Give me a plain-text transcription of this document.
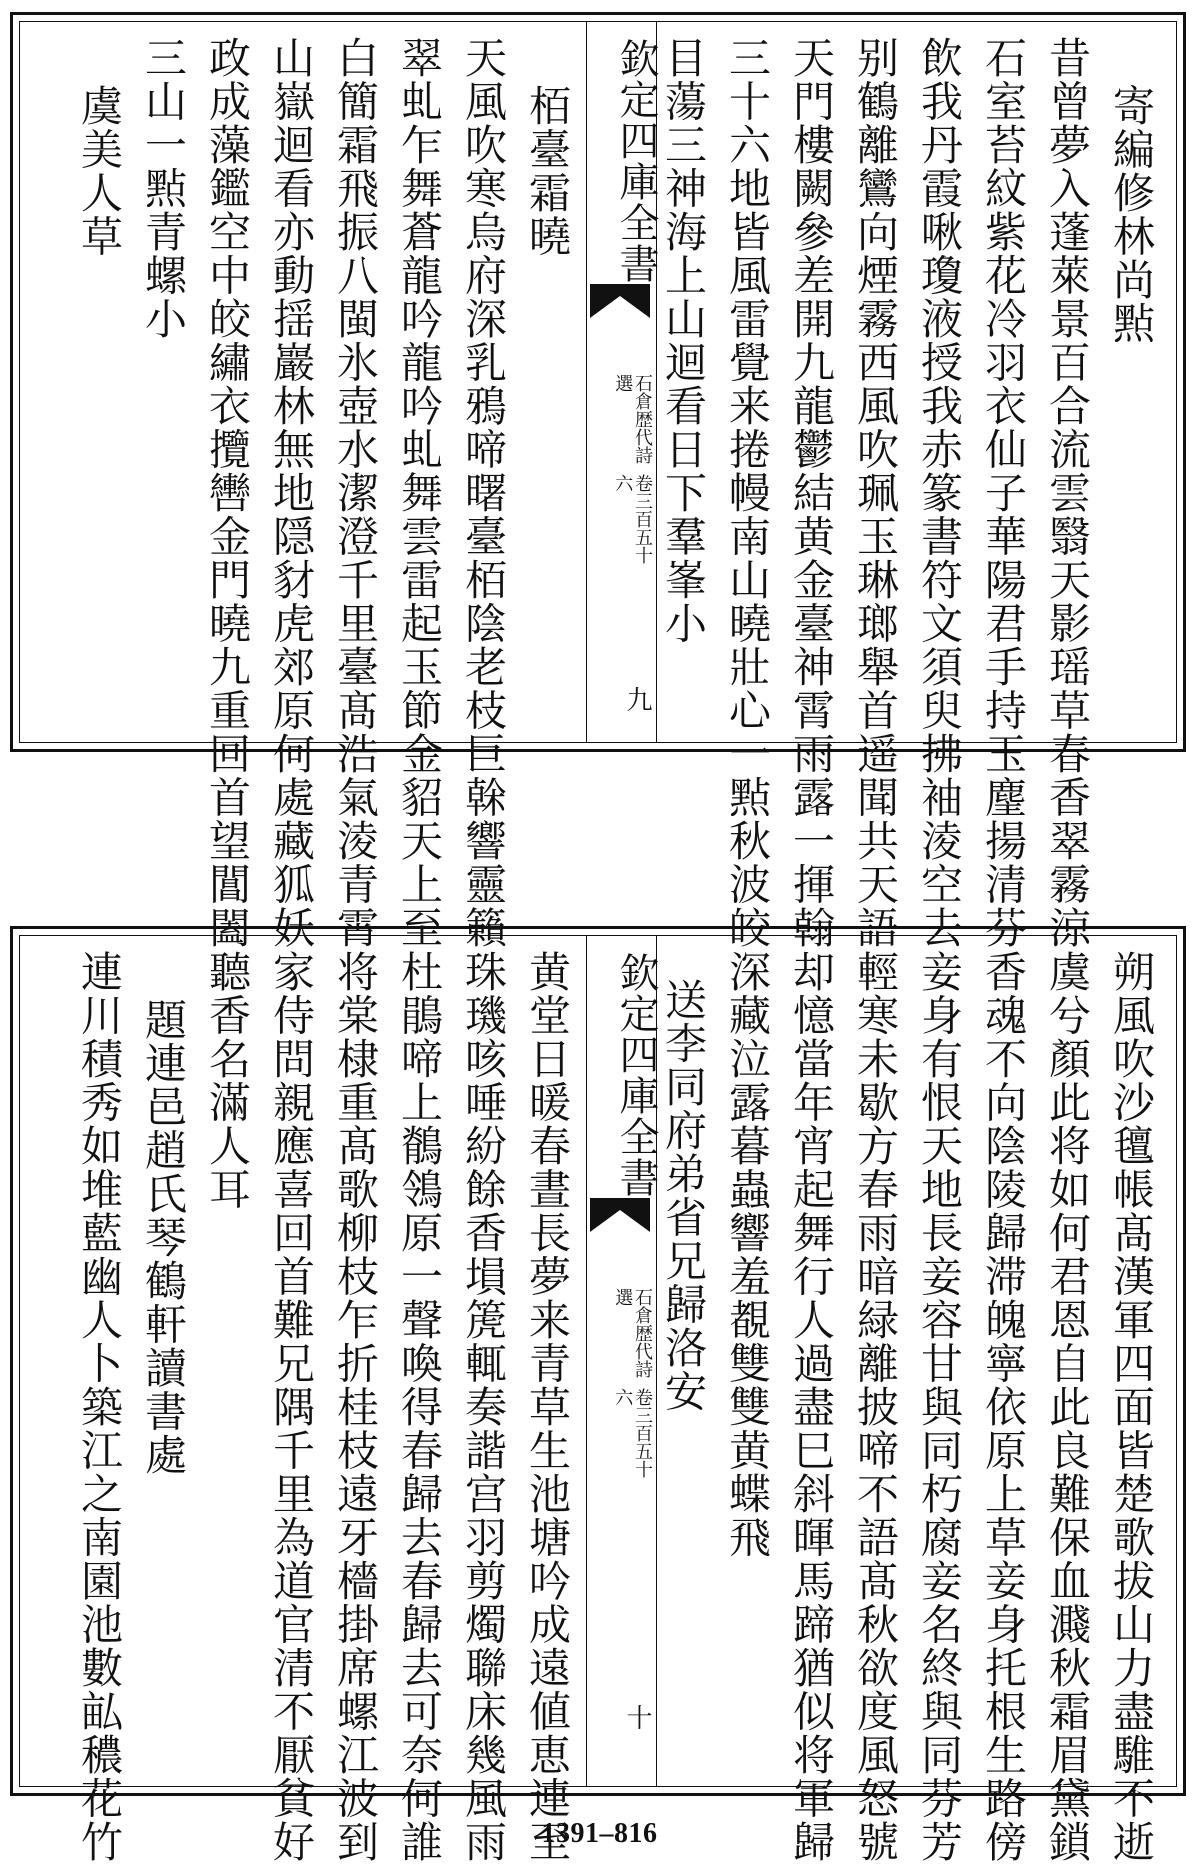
寄編修林尚㸃
昔曾夢入蓬萊景百合流雲翳天影瑶草春香翠霧涼
石室苔紋紫花冷羽衣仙子華陽君手持玉麈揚清芬
飲我丹霞啾瓊液授我赤篆書符文須臾拂袖淩空去
别鶴離鸞向煙霧西風吹珮玉琳瑯舉首遥聞共天語
天門樓闕參差開九龍鬱結黄金臺神霄雨露一揮翰
三十六地皆風雷覺来捲幔南山曉壯心一㸃秋波皎
目蕩三神海上山迴看日下羣峯小
欽定四庫全書
石倉歴代詩選
卷三百五十六
九
栢臺霜曉
天風吹寒烏府深乳鴉啼曙臺栢陰老枝巨榦響靈籟
翠虬乍舞蒼龍吟龍吟虬舞雲雷起玉節金貂天上至
白簡霜飛振八閩氷壺水潔澄千里臺髙浩氣淩青霄
山嶽迴看亦動揺巖林無地隠豺虎郊原何處藏狐妖
政成藻鑑空中皎繡衣攬轡金門曉九重回首望閶闔
三山一㸃青螺小
虞美人草
朔風吹沙氊帳髙漢軍四面皆楚歌拔山力盡騅不逝
虞兮顏此将如何君恩自此良難保血濺秋霜眉黛鎖
香魂不向陰陵歸滞魄寧依原上草妾身托根生路傍
妾身有恨天地長妾容甘與同朽腐妾名終與同芬芳
輕寒未歇方春雨暗緑離披啼不語髙秋欲度風怒號
却憶當年宵起舞行人過盡巳斜暉馬蹄猶似将軍歸
深藏泣露暮蟲響羞覩雙雙黄蝶飛
送李同府弟省兄歸洛安
欽定四庫全書
石倉歴代詩選
卷三百五十六
十
黄堂日暖春晝長夢来青草生池塘吟成遠値恵連至
珠璣咳唾紛餘香塤箎輒奏諧宫羽剪燭聯床幾風雨
杜鵑啼上鶺鴒原一聲喚得春歸去春歸去可奈何誰
将棠棣重髙歌柳枝乍折桂枝遠牙檣掛席螺江波到
家侍問親應喜回首難兄隅千里為道官清不厭貧好
聽香名滿人耳
題連邑趙氏琴鶴軒讀書處
連川積秀如堆藍幽人卜築江之南園池數畆穠花竹	1391–816
